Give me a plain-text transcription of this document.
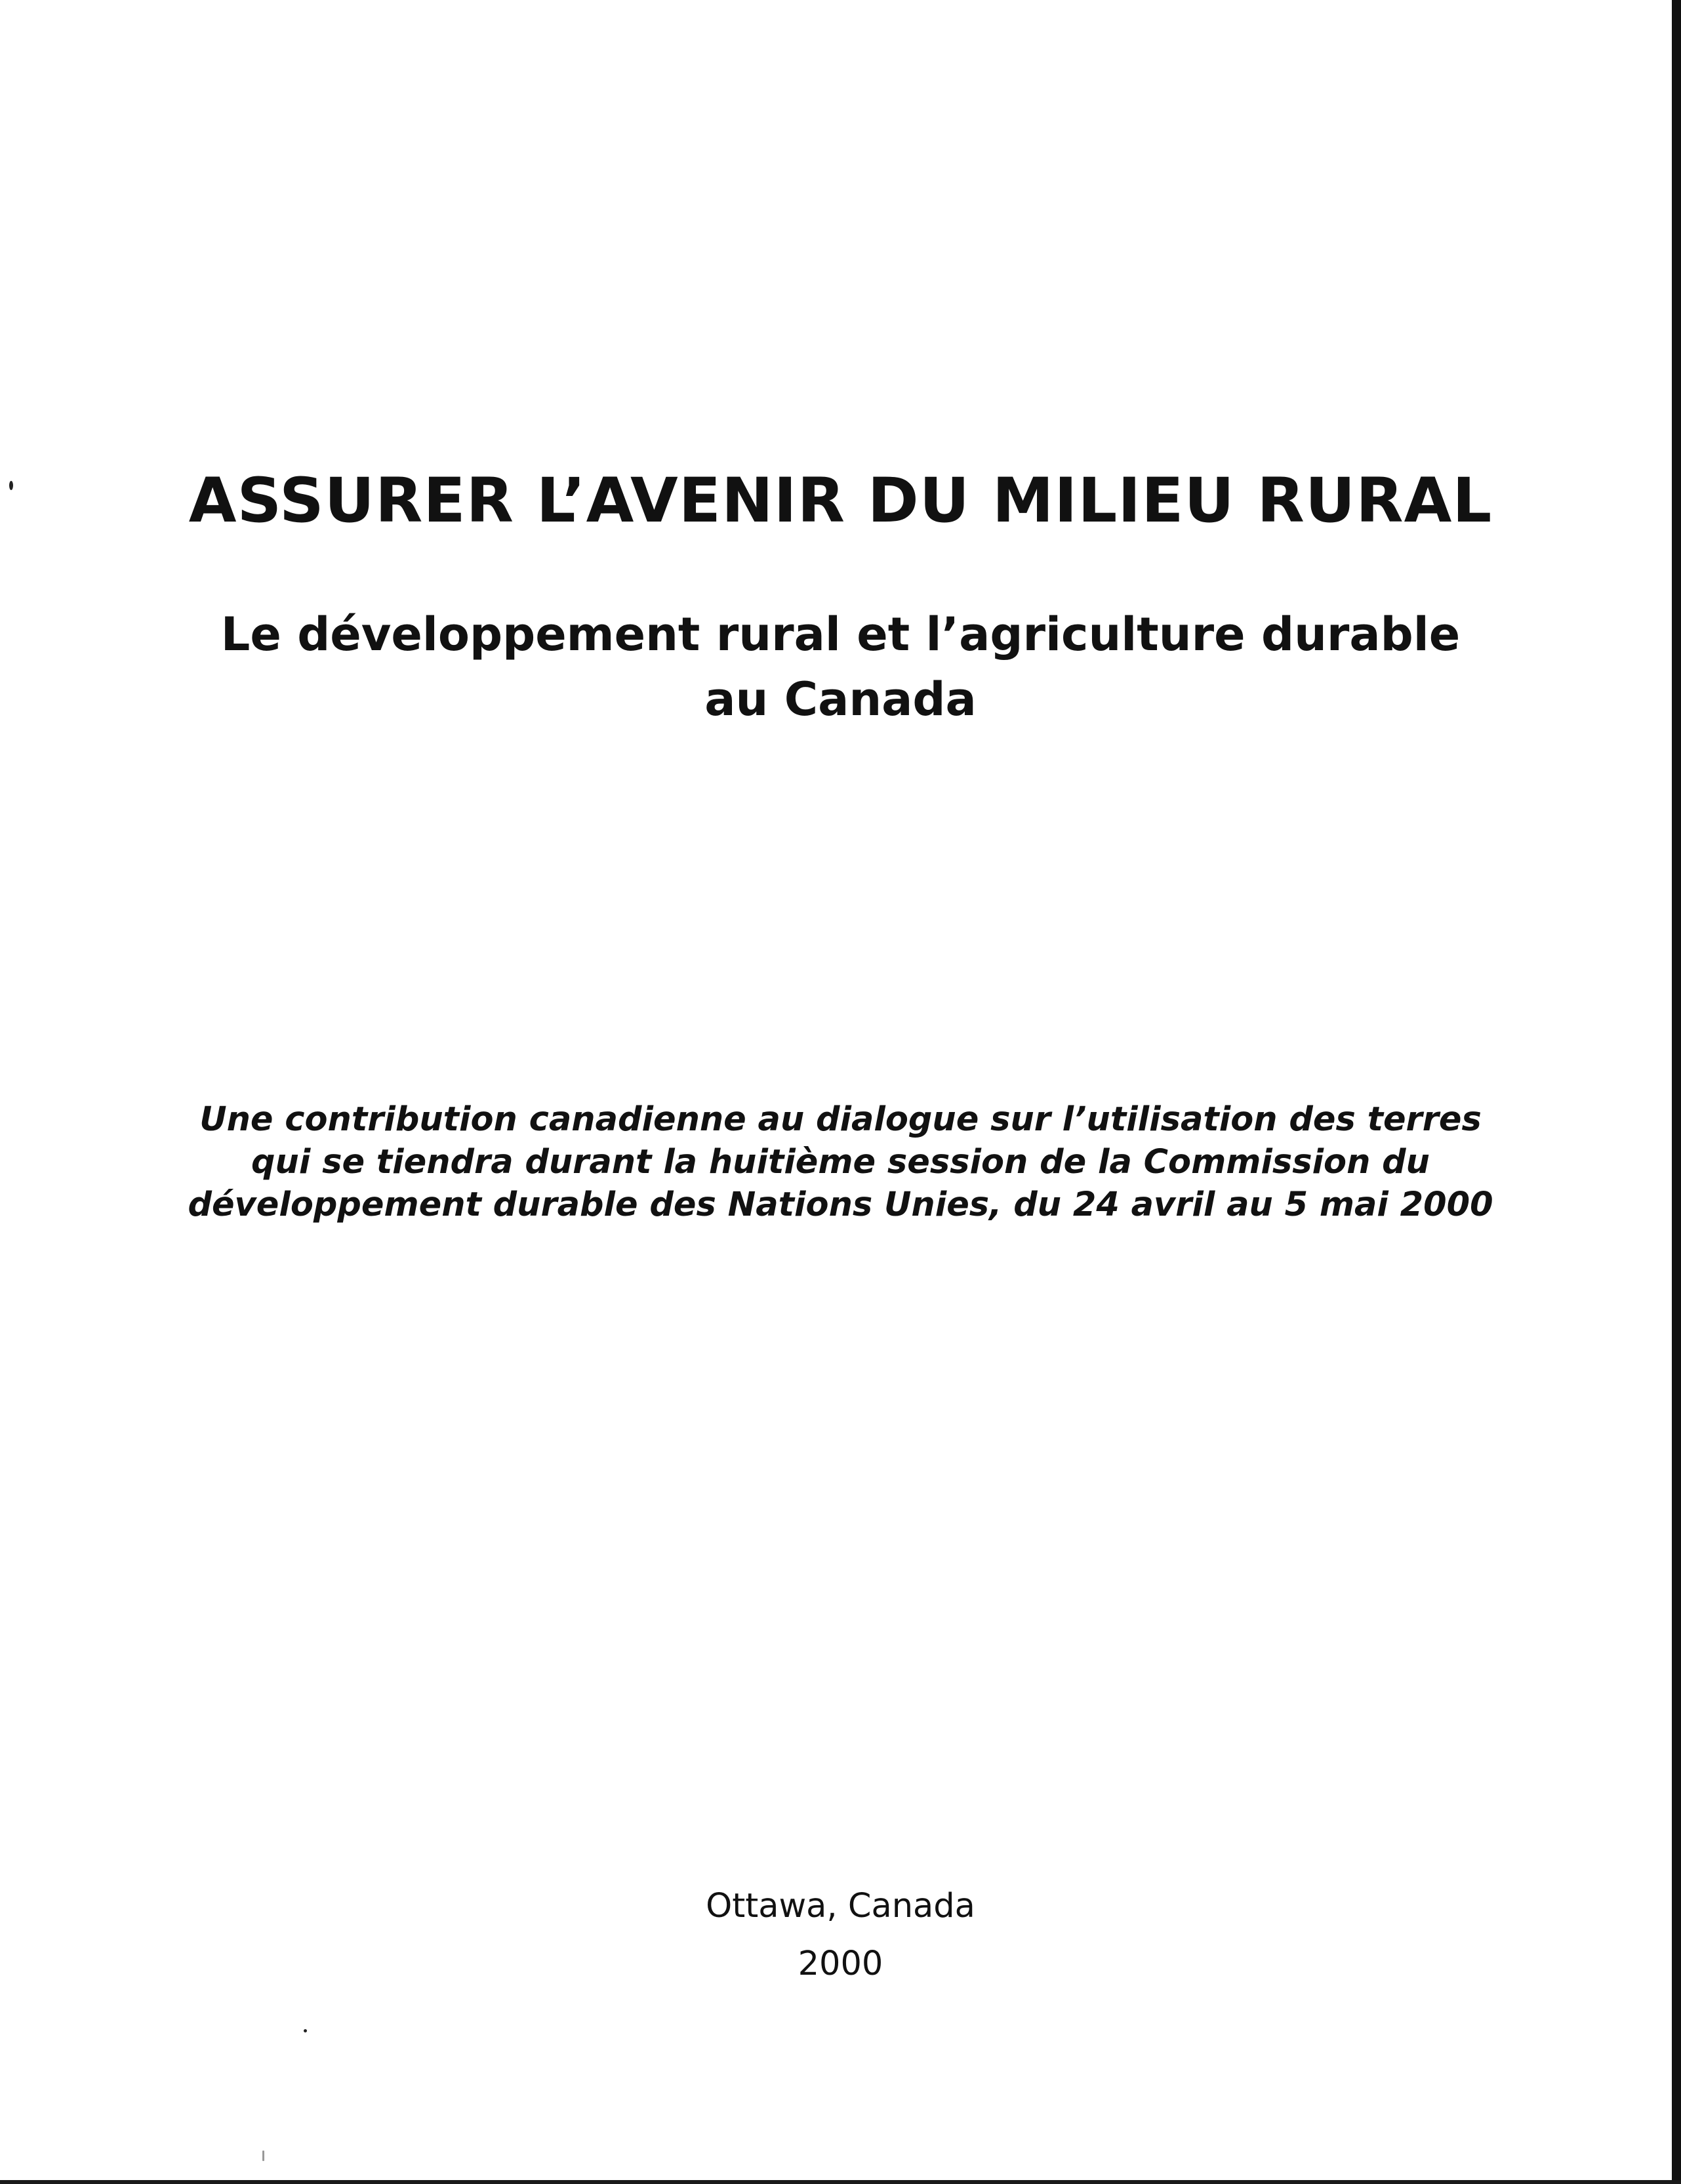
ASSURER L’AVENIR DU MILIEU RURAL
Le développement rural et l’agriculture durable
au Canada
Une contribution canadienne au dialogue sur l’utilisation des terres
qui se tiendra durant la huitième session de la Commission du
développement durable des Nations Unies, du 24 avril au 5 mai 2000
Ottawa, Canada
2000
